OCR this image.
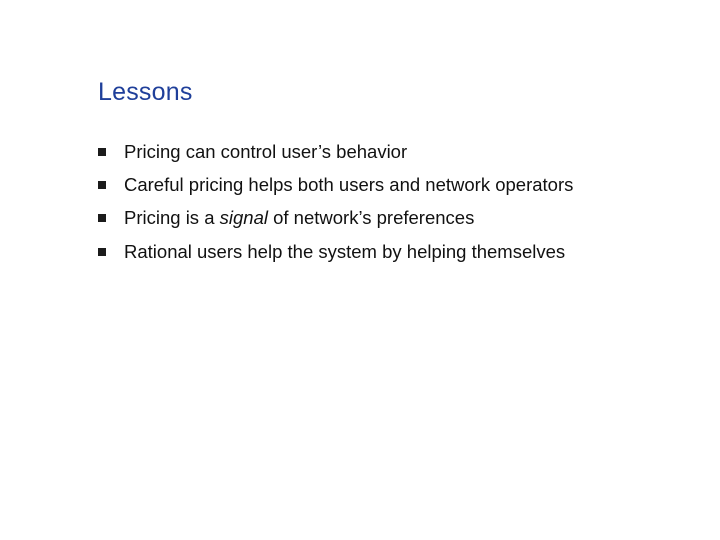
Lessons
Pricing can control user’s behavior
Careful pricing helps both users and network operators
Pricing is a signal of network’s preferences
Rational users help the system by helping themselves
